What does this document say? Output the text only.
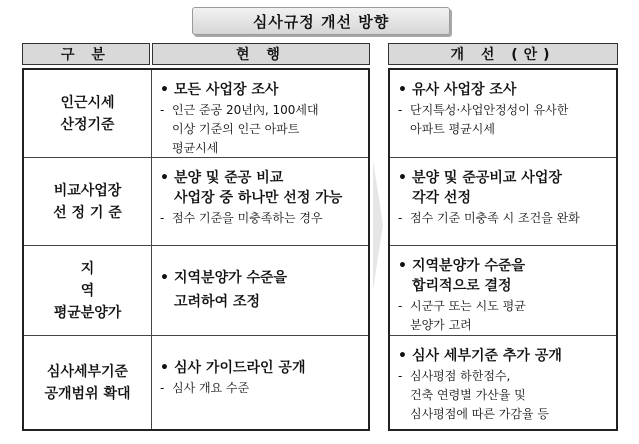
심사규정 개선 방향
구 분	현 행	개 선 (안)
인근시세
산정기준
• 모든 사업장 조사
- 인근 준공 20년內, 100세대
이상 기준의 인근 아파트
평균시세
비교사업장
선 정 기 준
• 분양 및 준공 비교
사업장 중 하나만 선정 가능
- 점수 기준을 미충족하는 경우
지 역
평균분양가
• 지역분양가 수준을
고려하여 조정
심사세부기준
공개범위 확대
• 심사 가이드라인 공개
- 심사 개요 수준
• 유사 사업장 조사
- 단지특성·사업안정성이 유사한
아파트 평균시세
• 분양 및 준공비교 사업장
각각 선정
- 점수 기준 미충족 시 조건을 완화
• 지역분양가 수준을
합리적으로 결정
- 시군구 또는 시도 평균
분양가 고려
• 심사 세부기준 추가 공개
- 심사평점 하한점수,
건축 연령별 가산율 및
심사평점에 따른 가감율 등
